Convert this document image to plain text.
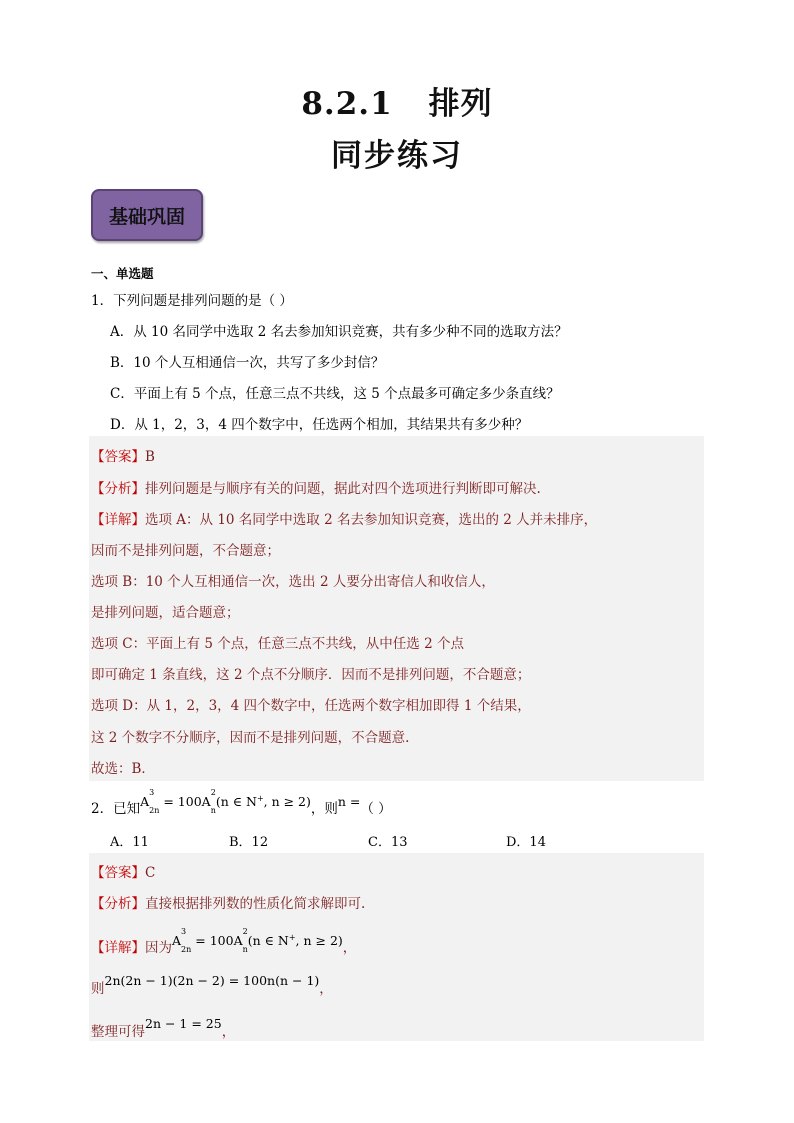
8.2.1 排列
同步练习
基础巩固
一、单选题
1．下列问题是排列问题的是（ ）
A．从 10 名同学中选取 2 名去参加知识竞赛，共有多少种不同的选取方法？
B．10 个人互相通信一次，共写了多少封信？
C．平面上有 5 个点，任意三点不共线，这 5 个点最多可确定多少条直线？
D．从 1，2，3，4 四个数字中，任选两个相加，其结果共有多少种？
【答案】B
【分析】排列问题是与顺序有关的问题，据此对四个选项进行判断即可解决.
【详解】选项 A：从 10 名同学中选取 2 名去参加知识竞赛，选出的 2 人并未排序，
因而不是排列问题，不合题意；
选项 B：10 个人互相通信一次，选出 2 人要分出寄信人和收信人，
是排列问题，适合题意；
选项 C：平面上有 5 个点，任意三点不共线，从中任选 2 个点
即可确定 1 条直线，这 2 个点不分顺序．因而不是排列问题，不合题意；
选项 D：从 1，2，3，4 四个数字中，任选两个数字相加即得 1 个结果，
这 2 个数字不分顺序，因而不是排列问题，不合题意.
故选：B．
2．已知A
3
$_{2n}$ = 100A
2
$_n$(n ∈ N+, n ≥ 2)，则n =（ ）
A．11	B．12	C．13	D．14
【答案】C
【分析】直接根据排列数的性质化简求解即可.
【详解】因为A
3
$_{2n}$ = 100A
2
$_n$(n ∈ N+, n ≥ 2)，
则2n(2n − 1)(2n − 2) = 100n(n − 1)，
整理可得2n − 1 = 25，
